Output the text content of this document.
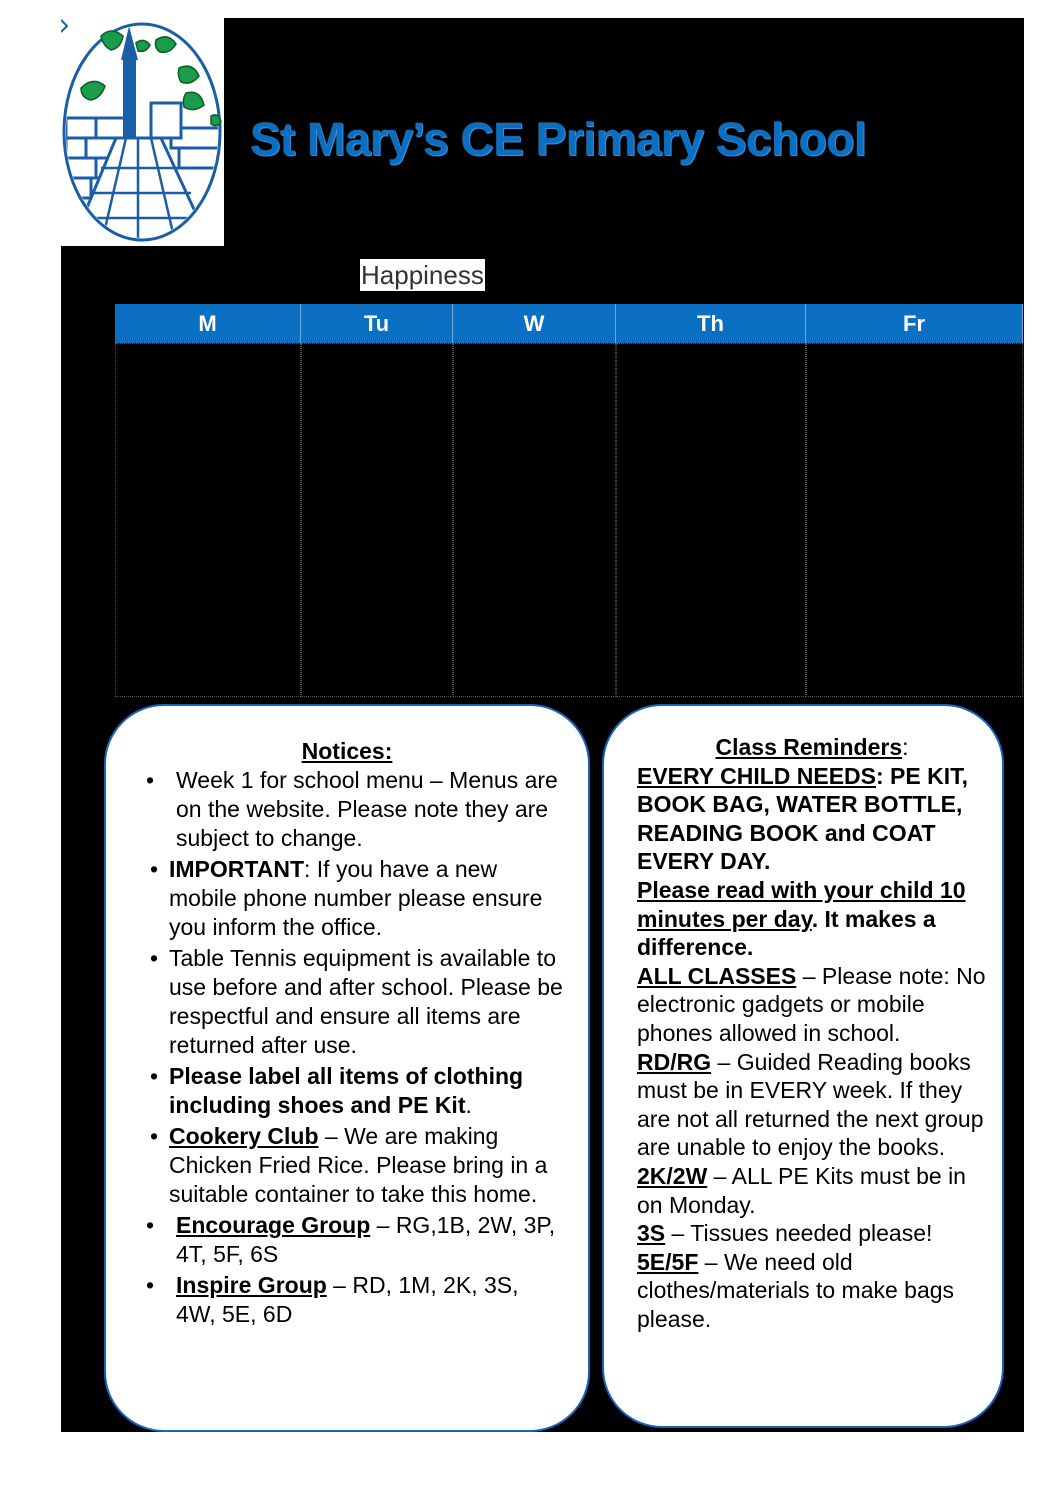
St Mary’s CE Primary School
Happiness
M	Tu	W	Th	Fr
Notices:
• Week 1 for school menu – Menus are on the website. Please note they are subject to change.
• IMPORTANT: If you have a new mobile phone number please ensure you inform the office.
• Table Tennis equipment is available to use before and after school. Please be respectful and ensure all items are returned after use.
• Please label all items of clothing including shoes and PE Kit.
• Cookery Club – We are making Chicken Fried Rice. Please bring in a suitable container to take this home.
• Encourage Group – RG,1B, 2W, 3P, 4T, 5F, 6S
• Inspire Group – RD, 1M, 2K, 3S, 4W, 5E, 6D
Class Reminders:
EVERY CHILD NEEDS: PE KIT, BOOK BAG, WATER BOTTLE, READING BOOK and COAT EVERY DAY.
Please read with your child 10 minutes per day. It makes a difference.
ALL CLASSES – Please note: No electronic gadgets or mobile phones allowed in school.
RD/RG – Guided Reading books must be in EVERY week. If they are not all returned the next group are unable to enjoy the books.
2K/2W – ALL PE Kits must be in on Monday.
3S – Tissues needed please!
5E/5F – We need old clothes/materials to make bags please.
